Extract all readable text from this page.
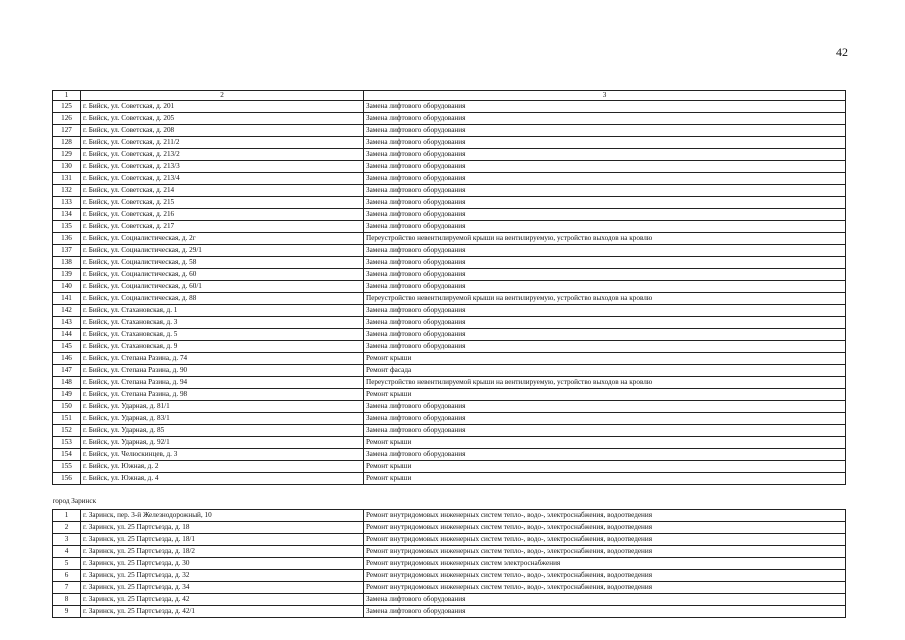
42
1	2	3
125	г. Бийск, ул. Советская, д. 201	Замена лифтового оборудования
126	г. Бийск, ул. Советская, д. 205	Замена лифтового оборудования
127	г. Бийск, ул. Советская, д. 208	Замена лифтового оборудования
128	г. Бийск, ул. Советская, д. 211/2	Замена лифтового оборудования
129	г. Бийск, ул. Советская, д. 213/2	Замена лифтового оборудования
130	г. Бийск, ул. Советская, д. 213/3	Замена лифтового оборудования
131	г. Бийск, ул. Советская, д. 213/4	Замена лифтового оборудования
132	г. Бийск, ул. Советская, д. 214	Замена лифтового оборудования
133	г. Бийск, ул. Советская, д. 215	Замена лифтового оборудования
134	г. Бийск, ул. Советская, д. 216	Замена лифтового оборудования
135	г. Бийск, ул. Советская, д. 217	Замена лифтового оборудования
136	г. Бийск, ул. Социалистическая, д. 2г	Переустройство невентилируемой крыши на вентилируемую, устройство выходов на кровлю
137	г. Бийск, ул. Социалистическая, д. 29/1	Замена лифтового оборудования
138	г. Бийск, ул. Социалистическая, д. 58	Замена лифтового оборудования
139	г. Бийск, ул. Социалистическая, д. 60	Замена лифтового оборудования
140	г. Бийск, ул. Социалистическая, д. 60/1	Замена лифтового оборудования
141	г. Бийск, ул. Социалистическая, д. 88	Переустройство невентилируемой крыши на вентилируемую, устройство выходов на кровлю
142	г. Бийск, ул. Стахановская, д. 1	Замена лифтового оборудования
143	г. Бийск, ул. Стахановская, д. 3	Замена лифтового оборудования
144	г. Бийск, ул. Стахановская, д. 5	Замена лифтового оборудования
145	г. Бийск, ул. Стахановская, д. 9	Замена лифтового оборудования
146	г. Бийск, ул. Степана Разина, д. 74	Ремонт крыши
147	г. Бийск, ул. Степана Разина, д. 90	Ремонт фасада
148	г. Бийск, ул. Степана Разина, д. 94	Переустройство невентилируемой крыши на вентилируемую, устройство выходов на кровлю
149	г. Бийск, ул. Степана Разина, д. 98	Ремонт крыши
150	г. Бийск, ул. Ударная, д. 81/1	Замена лифтового оборудования
151	г. Бийск, ул. Ударная, д. 83/1	Замена лифтового оборудования
152	г. Бийск, ул. Ударная, д. 85	Замена лифтового оборудования
153	г. Бийск, ул. Ударная, д. 92/1	Ремонт крыши
154	г. Бийск, ул. Челюскинцев, д. 3	Замена лифтового оборудования
155	г. Бийск, ул. Южная, д. 2	Ремонт крыши
156	г. Бийск, ул. Южная, д. 4	Ремонт крыши
город Заринск		
1	г. Заринск, пер. 3-й Железнодорожный, 10	Ремонт внутридомовых инженерных систем тепло-, водо-, электроснабжения, водоотведения
2	г. Заринск, ул. 25 Партсъезда, д. 18	Ремонт внутридомовых инженерных систем тепло-, водо-, электроснабжения, водоотведения
3	г. Заринск, ул. 25 Партсъезда, д. 18/1	Ремонт внутридомовых инженерных систем тепло-, водо-, электроснабжения, водоотведения
4	г. Заринск, ул. 25 Партсъезда, д. 18/2	Ремонт внутридомовых инженерных систем тепло-, водо-, электроснабжения, водоотведения
5	г. Заринск, ул. 25 Партсъезда, д. 30	Ремонт внутридомовых инженерных систем электроснабжения
6	г. Заринск, ул. 25 Партсъезда, д. 32	Ремонт внутридомовых инженерных систем тепло-, водо-, электроснабжения, водоотведения
7	г. Заринск, ул. 25 Партсъезда, д. 34	Ремонт внутридомовых инженерных систем тепло-, водо-, электроснабжения, водоотведения
8	г. Заринск, ул. 25 Партсъезда, д. 42	Замена лифтового оборудования
9	г. Заринск, ул. 25 Партсъезда, д. 42/1	Замена лифтового оборудования
